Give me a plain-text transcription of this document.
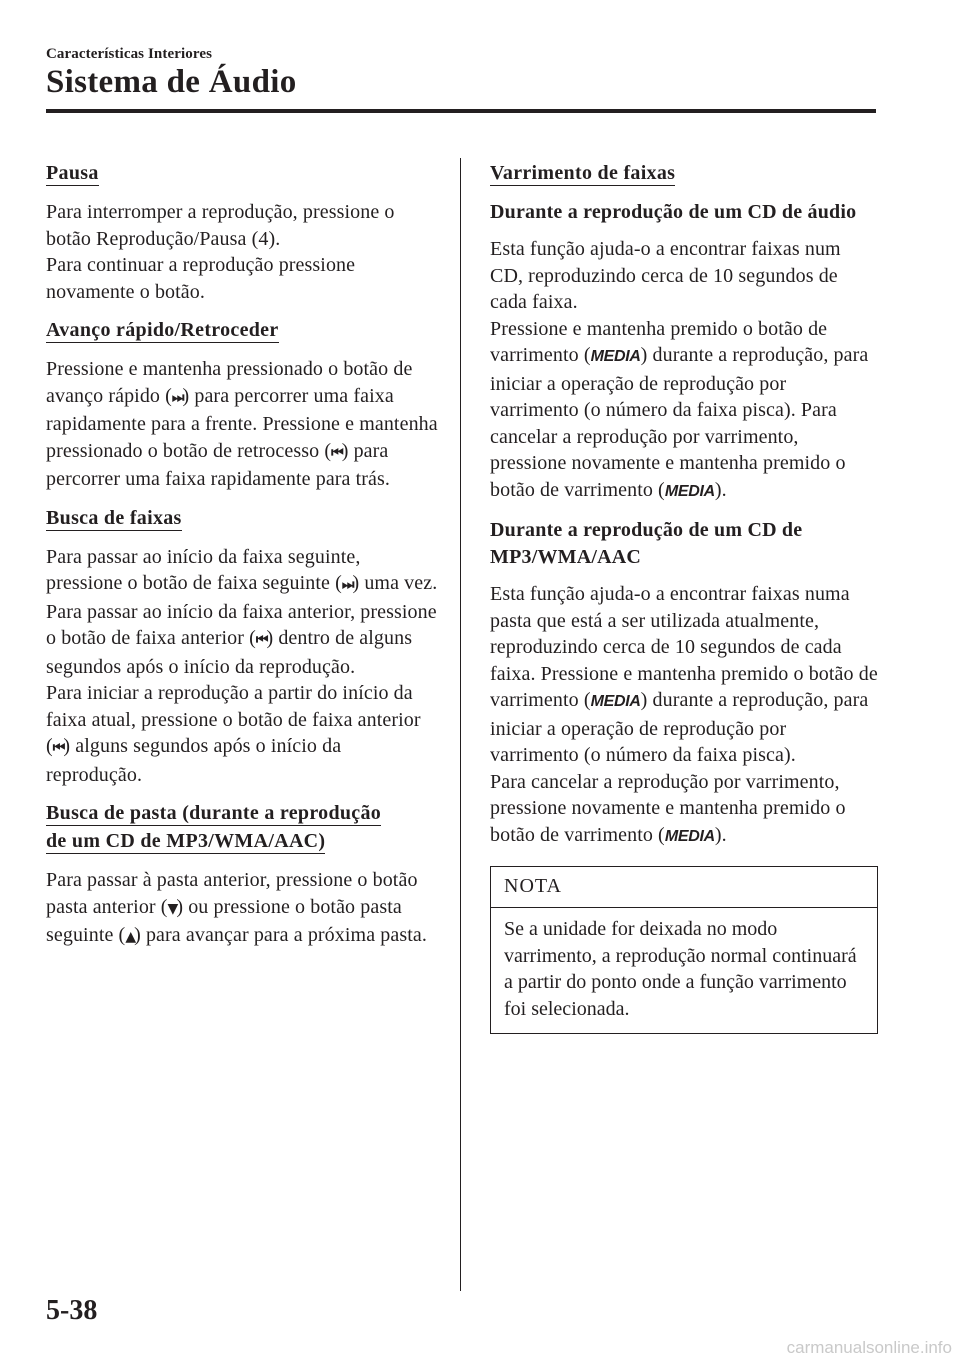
Características Interiores
Sistema de Áudio
Pausa

Para interromper a reprodução, pressione o botão Reprodução/Pausa (4).

Para continuar a reprodução pressione novamente o botão.

Avanço rápido/Retroceder

Pressione e mantenha pressionado o botão de avanço rápido (⏭) para percorrer uma faixa rapidamente para a frente. Pressione e mantenha pressionado o botão de retrocesso (⏮) para percorrer uma faixa rapidamente para trás.

Busca de faixas

Para passar ao início da faixa seguinte, pressione o botão de faixa seguinte (⏭) uma vez.

Para passar ao início da faixa anterior, pressione o botão de faixa anterior (⏮) dentro de alguns segundos após o início da reprodução.

Para iniciar a reprodução a partir do início da faixa atual, pressione o botão de faixa anterior (⏮) alguns segundos após o início da reprodução.

Busca de pasta (durante a reprodução
de um CD de MP3/WMA/AAC)

Para passar à pasta anterior, pressione o botão pasta anterior (▼) ou pressione o botão pasta seguinte (▲) para avançar para a próxima pasta.

Varrimento de faixas
Durante a reprodução de um CD de áudio

Esta função ajuda-o a encontrar faixas num CD, reproduzindo cerca de 10 segundos de cada faixa.

Pressione e mantenha premido o botão de varrimento (MEDIA) durante a reprodução, para iniciar a operação de reprodução por varrimento (o número da faixa pisca). Para cancelar a reprodução por varrimento, pressione novamente e mantenha premido o botão de varrimento (MEDIA).

Durante a reprodução de um CD de MP3/WMA/AAC

Esta função ajuda-o a encontrar faixas numa pasta que está a ser utilizada atualmente, reproduzindo cerca de 10 segundos de cada faixa. Pressione e mantenha premido o botão de varrimento (MEDIA) durante a reprodução, para iniciar a operação de reprodução por varrimento (o número da faixa pisca).

Para cancelar a reprodução por varrimento, pressione novamente e mantenha premido o botão de varrimento (MEDIA).

NOTA
Se a unidade for deixada no modo varrimento, a reprodução normal continuará a partir do ponto onde a função varrimento foi selecionada.
5-38
carmanualsonline.info
